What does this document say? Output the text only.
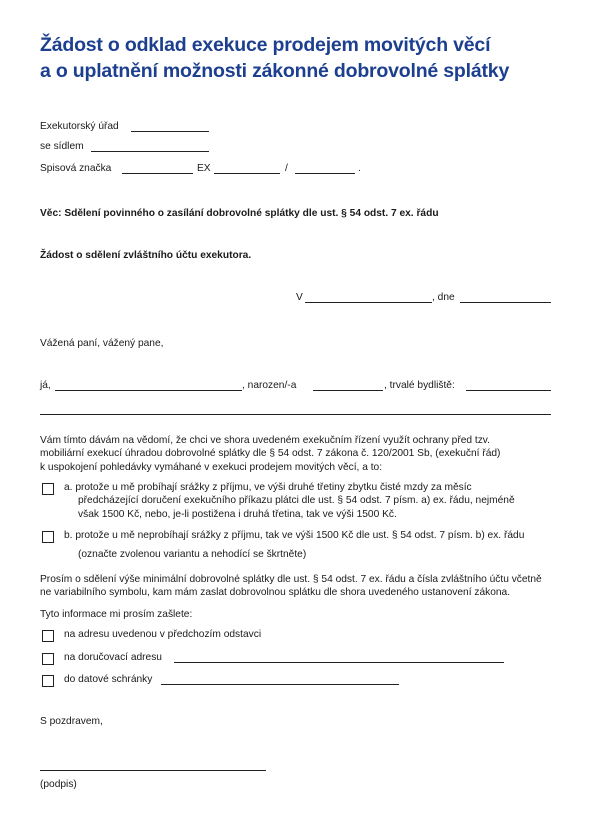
Žádost o odklad exekuce prodejem movitých věcí
a o uplatnění možnosti zákonné dobrovolné splátky
Exekutorský úřad
se sídlem
Spisová značka	EX	/	.
Věc: Sdělení povinného o zasílání dobrovolné splátky dle ust. § 54 odst. 7 ex. řádu
Žádost o sdělení zvláštního účtu exekutora.
V	, dne
Vážená paní, vážený pane,
já,	, narozen/-a	, trvalé bydliště:
Vám tímto dávám na vědomí, že chci ve shora uvedeném exekučním řízení využít ochrany před tzv.
mobiliární exekucí úhradou dobrovolné splátky dle § 54 odst. 7 zákona č. 120/2001 Sb, (exekuční řád)
k uspokojení pohledávky vymáhané v exekuci prodejem movitých věcí, a to:
a. protože u mě probíhají srážky z příjmu, ve výši druhé třetiny zbytku čisté mzdy za měsíc
předcházející doručení exekučního příkazu plátci dle ust. § 54 odst. 7 písm. a) ex. řádu, nejméně
však 1500 Kč, nebo, je-li postižena i druhá třetina, tak ve výši 1500 Kč.
b. protože u mě neprobíhají srážky z příjmu, tak ve výši 1500 Kč dle ust. § 54 odst. 7 písm. b) ex. řádu
(označte zvolenou variantu a nehodící se škrtněte)
Prosím o sdělení výše minimální dobrovolné splátky dle ust. § 54 odst. 7 ex. řádu a čísla zvláštního účtu včetně
ne variabilního symbolu, kam mám zaslat dobrovolnou splátku dle shora uvedeného ustanovení zákona.
Tyto informace mi prosím zašlete:
na adresu uvedenou v předchozím odstavci
na doručovací adresu
do datové schránky
S pozdravem,
(podpis)
